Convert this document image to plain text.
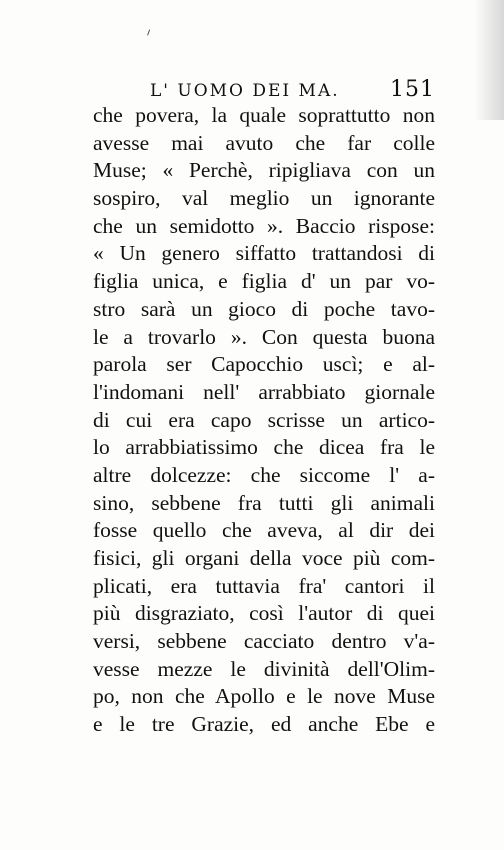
L' UOMO DEI MA. 151
che povera, la quale soprattutto non
avesse mai avuto che far colle
Muse; « Perchè, ripigliava con un
sospiro, val meglio un ignorante
che un semidotto ». Baccio rispose:
« Un genero siffatto trattandosi di
figlia unica, e figlia d' un par vo-
stro sarà un gioco di poche tavo-
le a trovarlo ». Con questa buona
parola ser Capocchio uscì; e al-
l'indomani nell' arrabbiato giornale
di cui era capo scrisse un artico-
lo arrabbiatissimo che dicea fra le
altre dolcezze: che siccome l' a-
sino, sebbene fra tutti gli animali
fosse quello che aveva, al dir dei
fisici, gli organi della voce più com-
plicati, era tuttavia fra' cantori il
più disgraziato, così l'autor di quei
versi, sebbene cacciato dentro v'a-
vesse mezze le divinità dell'Olim-
po, non che Apollo e le nove Muse
e le tre Grazie, ed anche Ebe e
